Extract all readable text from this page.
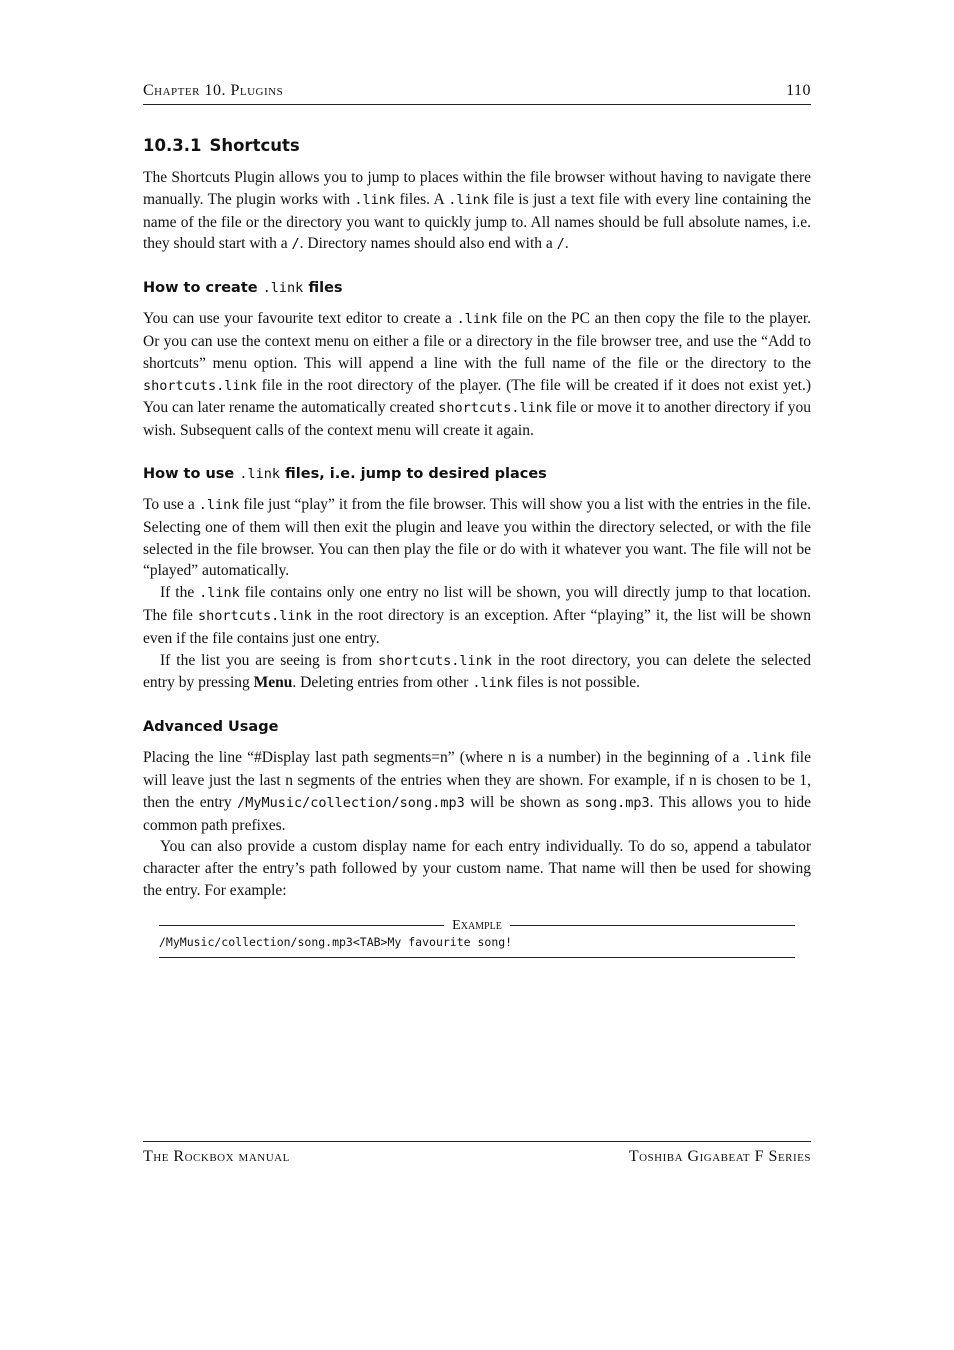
Chapter 10. Plugins	110
10.3.1 Shortcuts

The Shortcuts Plugin allows you to jump to places within the file browser without having to navigate there manually. The plugin works with .link files. A .link file is just a text file with every line containing the name of the file or the directory you want to quickly jump to. All names should be full absolute names, i.e. they should start with a /. Directory names should also end with a /.

How to create .link files

You can use your favourite text editor to create a .link file on the PC an then copy the file to the player. Or you can use the context menu on either a file or a directory in the file browser tree, and use the “Add to shortcuts” menu option. This will append a line with the full name of the file or the directory to the shortcuts.link file in the root directory of the player. (The file will be created if it does not exist yet.) You can later rename the automatically created shortcuts.link file or move it to another directory if you wish. Subsequent calls of the context menu will create it again.

How to use .link files, i.e. jump to desired places

To use a .link file just “play” it from the file browser. This will show you a list with the entries in the file. Selecting one of them will then exit the plugin and leave you within the directory selected, or with the file selected in the file browser. You can then play the file or do with it whatever you want. The file will not be “played” automatically.

If the .link file contains only one entry no list will be shown, you will directly jump to that location. The file shortcuts.link in the root directory is an exception. After “playing” it, the list will be shown even if the file contains just one entry.

If the list you are seeing is from shortcuts.link in the root directory, you can delete the selected entry by pressing Menu. Deleting entries from other .link files is not possible.

Advanced Usage

Placing the line “#Display last path segments=n” (where n is a number) in the beginning of a .link file will leave just the last n segments of the entries when they are shown. For example, if n is chosen to be 1, then the entry /MyMusic/collection/song.mp3 will be shown as song.mp3. This allows you to hide common path prefixes.

You can also provide a custom display name for each entry individually. To do so, append a tabulator character after the entry’s path followed by your custom name. That name will then be used for showing the entry. For example:

Example
/MyMusic/collection/song.mp3<TAB>My favourite song!
The Rockbox manual	Toshiba Gigabeat F Series
